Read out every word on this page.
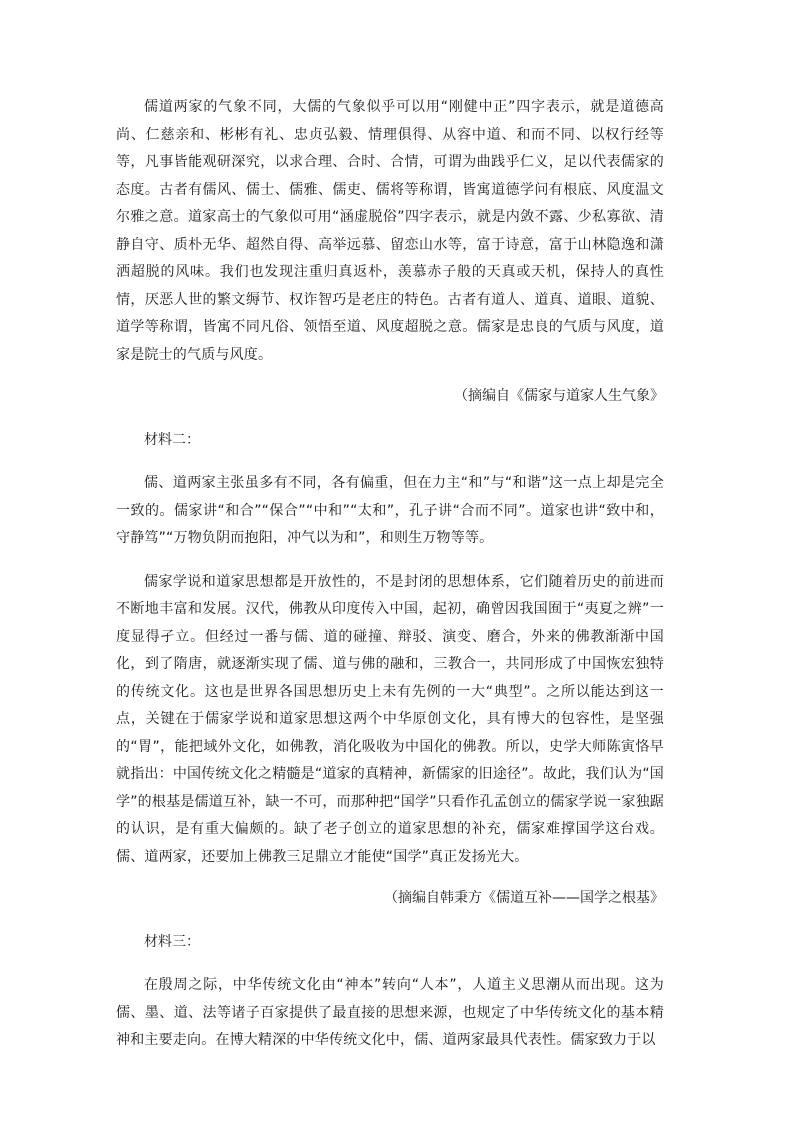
儒道两家的气象不同，大儒的气象似乎可以用“刚健中正”四字表示，就是道德高尚、仁慈亲和、彬彬有礼、忠贞弘毅、情理俱得、从容中道、和而不同、以权行经等等，凡事皆能观研深究，以求合理、合时、合情，可谓为曲践乎仁义，足以代表儒家的态度。古者有儒风、儒士、儒雅、儒吏、儒将等称谓，皆寓道德学问有根底、风度温文尔雅之意。道家高士的气象似可用“涵虚脱俗”四字表示，就是内敛不露、少私寡欲、清静自守、质朴无华、超然自得、高举远慕、留恋山水等，富于诗意，富于山林隐逸和潇洒超脱的风味。我们也发现注重归真返朴，羡慕赤子般的天真或天机，保持人的真性情，厌恶人世的繁文缛节、权诈智巧是老庄的特色。古者有道人、道真、道眼、道貌、道学等称谓，皆寓不同凡俗、领悟至道、风度超脱之意。儒家是忠良的气质与风度，道家是院士的气质与风度。

（摘编自《儒家与道家人生气象》

材料二：

儒、道两家主张虽多有不同，各有偏重，但在力主“和”与“和谐”这一点上却是完全一致的。儒家讲“和合”“保合”“中和”“太和”，孔子讲“合而不同”。道家也讲“致中和，守静笃”“万物负阴而抱阳，冲气以为和”，和则生万物等等。

儒家学说和道家思想都是开放性的，不是封闭的思想体系，它们随着历史的前进而不断地丰富和发展。汉代，佛教从印度传入中国，起初，确曾因我国囿于“夷夏之辨”一度显得孑立。但经过一番与儒、道的碰撞、辩驳、演变、磨合，外来的佛教渐渐中国化，到了隋唐，就逐渐实现了儒、道与佛的融和，三教合一，共同形成了中国恢宏独特的传统文化。这也是世界各国思想历史上未有先例的一大“典型”。之所以能达到这一点，关键在于儒家学说和道家思想这两个中华原创文化，具有博大的包容性，是坚强的“胃”，能把域外文化，如佛教，消化吸收为中国化的佛教。所以，史学大师陈寅恪早就指出：中国传统文化之精髓是“道家的真精神，新儒家的旧途径”。故此，我们认为“国学”的根基是儒道互补，缺一不可，而那种把“国学”只看作孔孟创立的儒家学说一家独踞的认识，是有重大偏颇的。缺了老子创立的道家思想的补充，儒家难撑国学这台戏。儒、道两家，还要加上佛教三足鼎立才能使“国学”真正发扬光大。

（摘编自韩秉方《儒道互补——国学之根基》

材料三：

在殷周之际，中华传统文化由“神本”转向“人本”，人道主义思潮从而出现。这为儒、墨、道、法等诸子百家提供了最直接的思想来源，也规定了中华传统文化的基本精神和主要走向。在博大精深的中华传统文化中，儒、道两家最具代表性。儒家致力于以
